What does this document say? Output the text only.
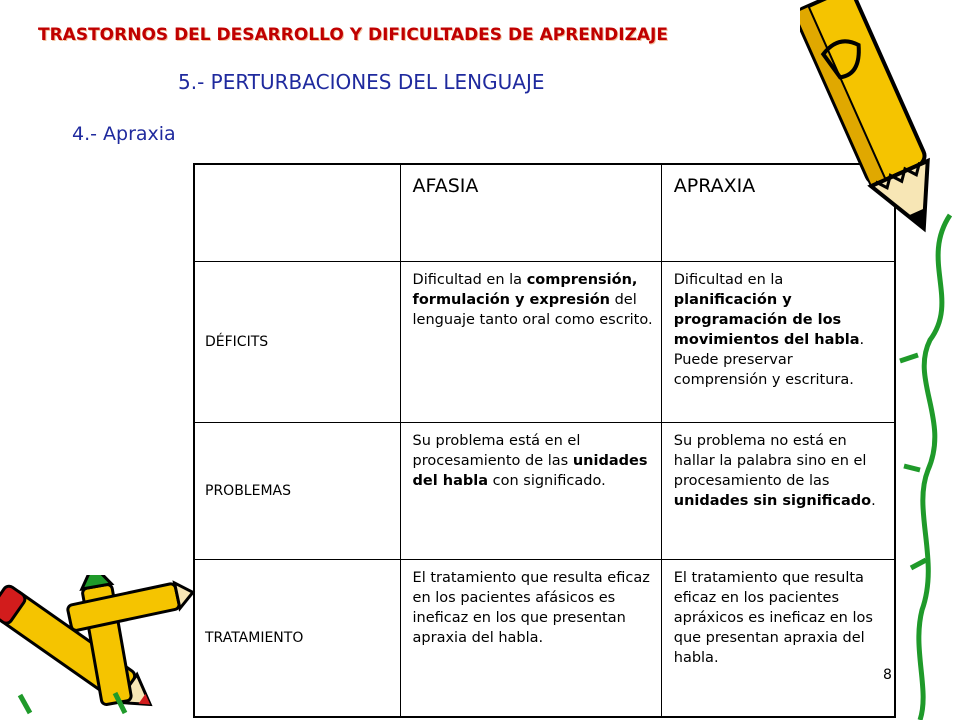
TRASTORNOS DEL DESARROLLO Y DIFICULTADES DE APRENDIZAJE
5.- PERTURBACIONES DEL LENGUAJE
4.- Apraxia
	AFASIA	APRAXIA
DÉFICITS	Dificultad en la comprensión, formulación y expresión del lenguaje tanto oral como escrito.	Dificultad en la planificación y programación de los movimientos del habla. Puede preservar comprensión y escritura.
PROBLEMAS	Su problema está en el procesamiento de las unidades del habla con significado.	Su problema no está en hallar la palabra sino en el procesamiento de las unidades sin significado.
TRATAMIENTO	El tratamiento que resulta eficaz en los pacientes afásicos es ineficaz en los que presentan apraxia del habla.	El tratamiento que resulta eficaz en los pacientes apráxicos es ineficaz en los que presentan apraxia del habla.
8
